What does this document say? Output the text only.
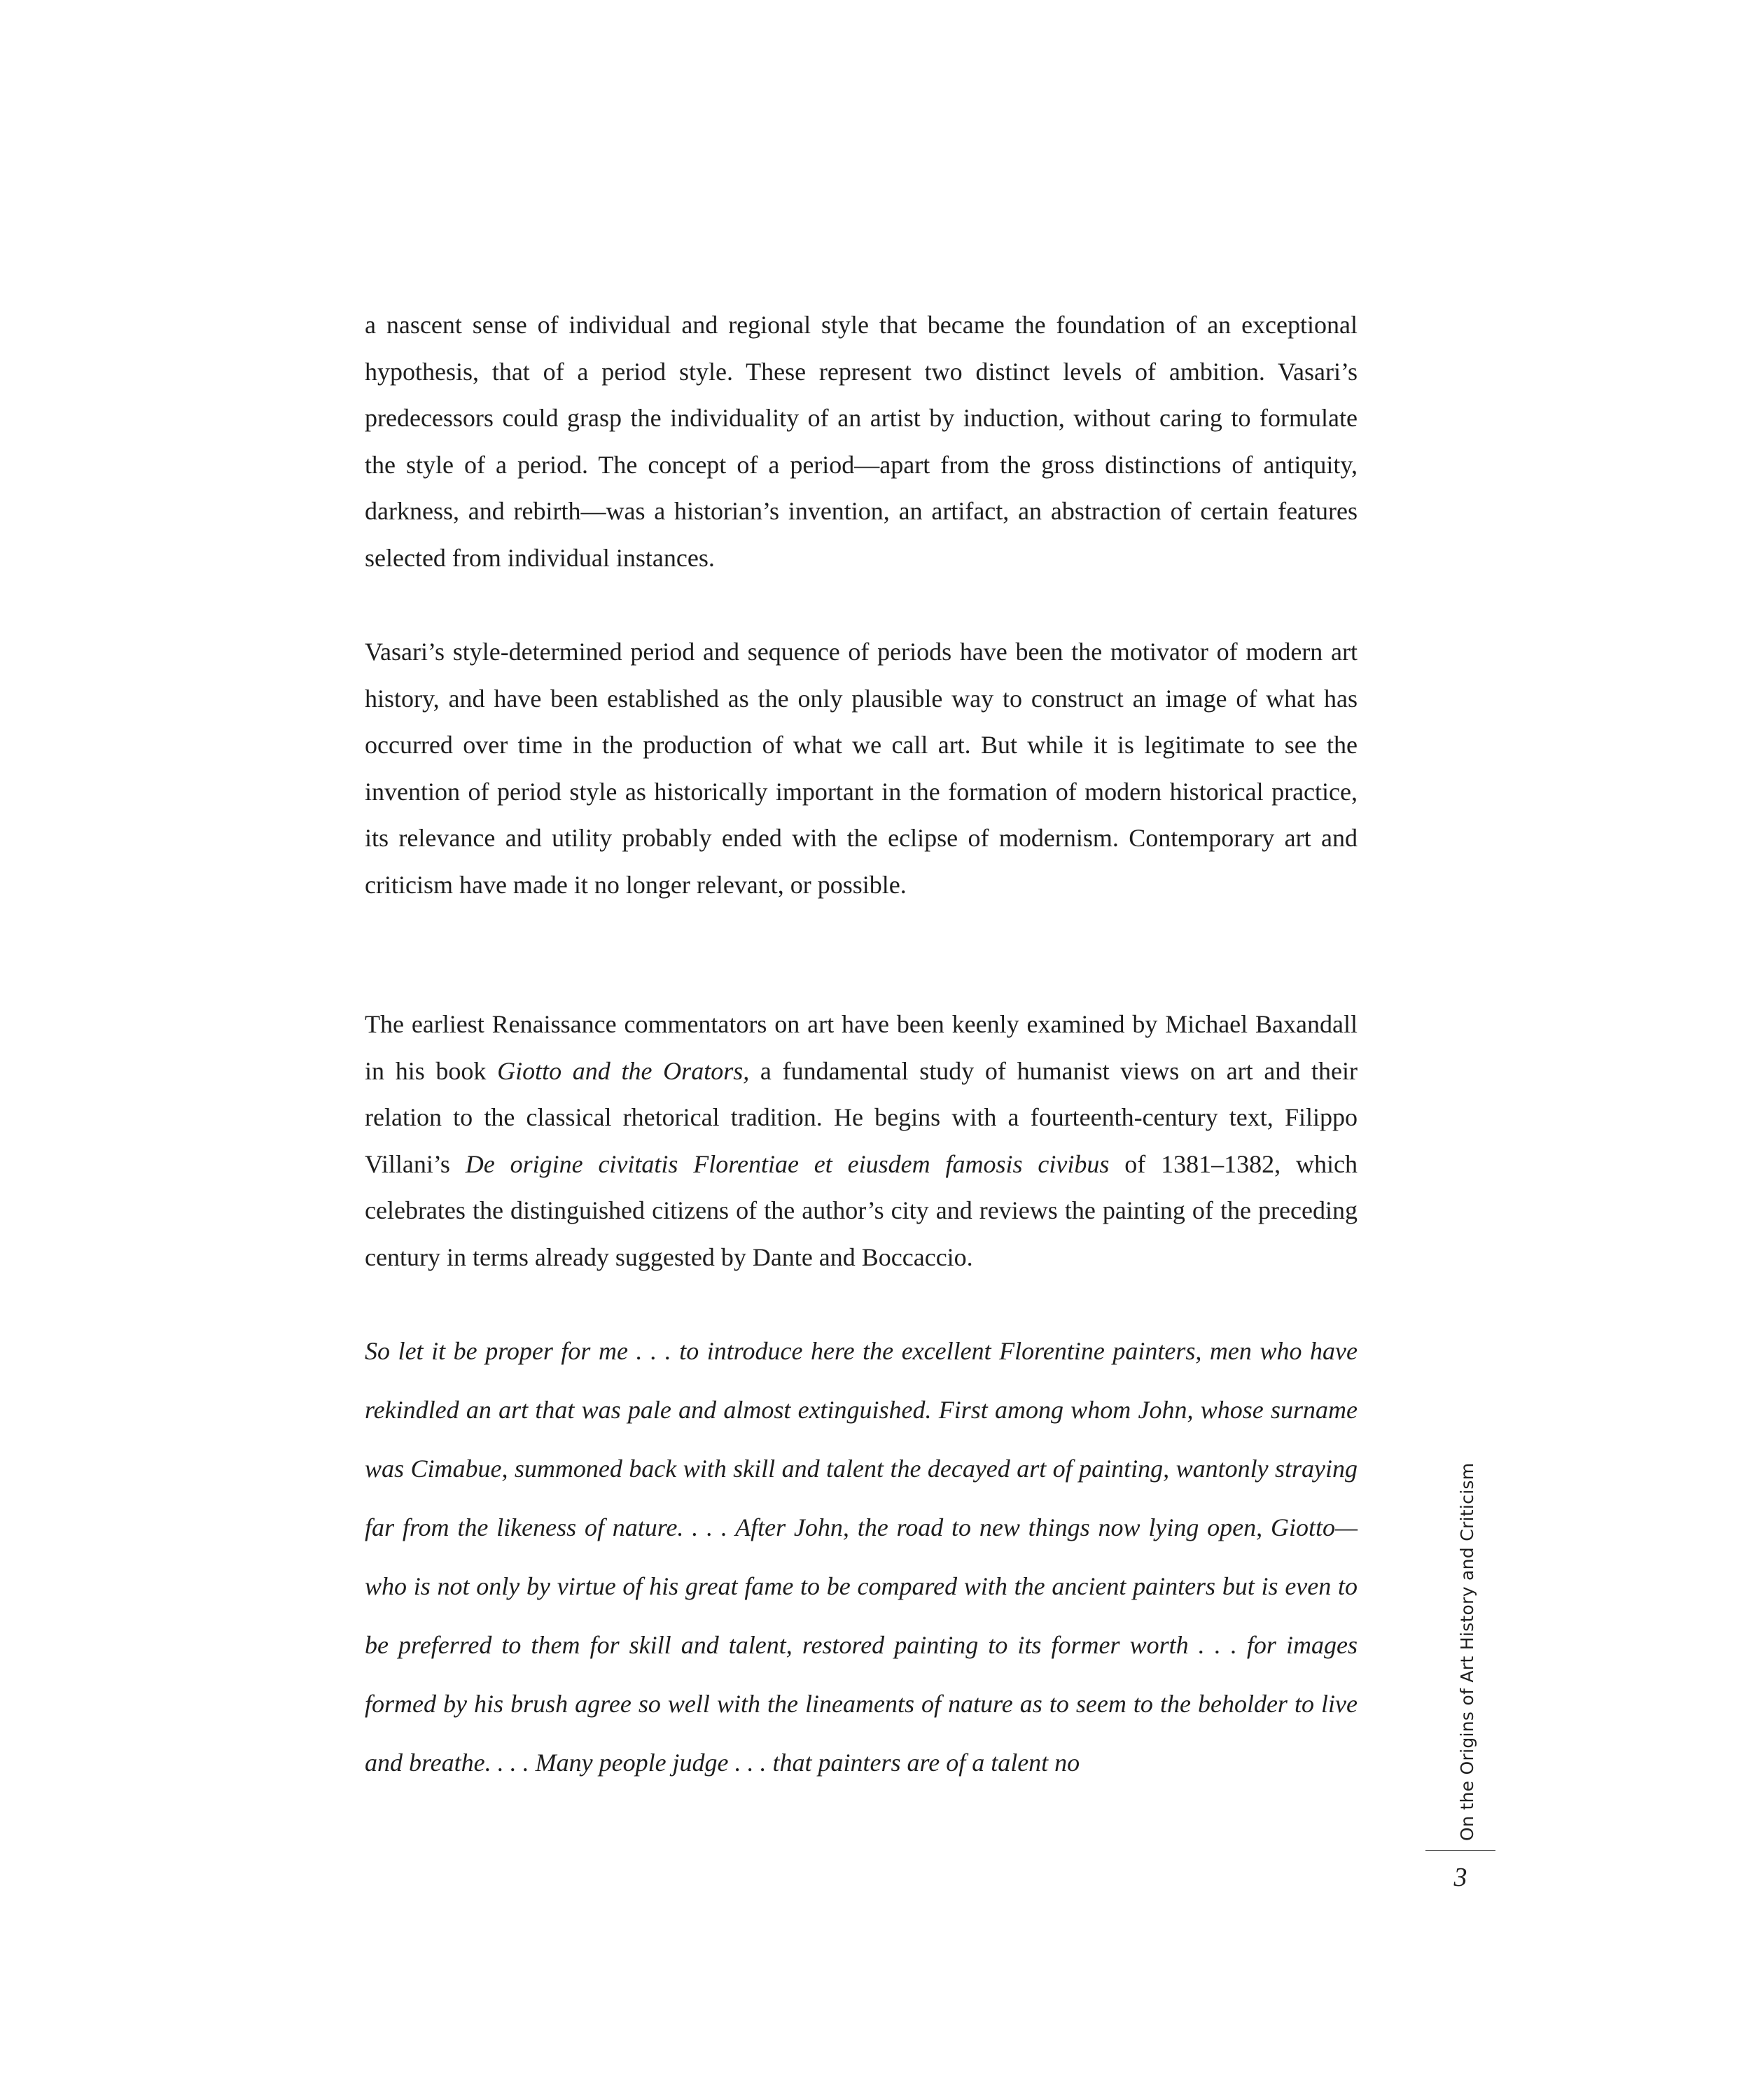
a nascent sense of individual and regional style that became the foundation of an exceptional hypothesis, that of a period style. These represent two distinct levels of ambition. Vasari’s predecessors could grasp the individuality of an artist by induction, without caring to formulate the style of a period. The concept of a period—apart from the gross distinctions of antiquity, darkness, and rebirth—was a historian’s invention, an artifact, an abstraction of certain features selected from individual instances.

Vasari’s style-determined period and sequence of periods have been the motivator of modern art history, and have been established as the only plausible way to construct an image of what has occurred over time in the production of what we call art. But while it is legitimate to see the invention of period style as historically important in the formation of modern historical practice, its relevance and utility probably ended with the eclipse of modernism. Contemporary art and criticism have made it no longer relevant, or possible.

The earliest Renaissance commentators on art have been keenly examined by Michael Baxandall in his book Giotto and the Orators, a fundamental study of humanist views on art and their relation to the classical rhetorical tradition. He begins with a fourteenth-century text, Filippo Villani’s De origine civitatis Florentiae et eiusdem famosis civibus of 1381–1382, which celebrates the distinguished citizens of the author’s city and reviews the painting of the preceding century in terms already suggested by Dante and Boccaccio.

So let it be proper for me . . . to introduce here the excellent Florentine painters, men who have rekindled an art that was pale and almost extinguished. First among whom John, whose surname was Cimabue, summoned back with skill and talent the decayed art of painting, wantonly straying far from the likeness of nature. . . . After John, the road to new things now lying open, Giotto—who is not only by virtue of his great fame to be compared with the ancient painters but is even to be preferred to them for skill and talent, restored painting to its former worth . . . for images formed by his brush agree so well with the lineaments of nature as to seem to the beholder to live and breathe. . . . Many people judge . . . that painters are of a talent no	On the Origins of Art History and Criticism
3
